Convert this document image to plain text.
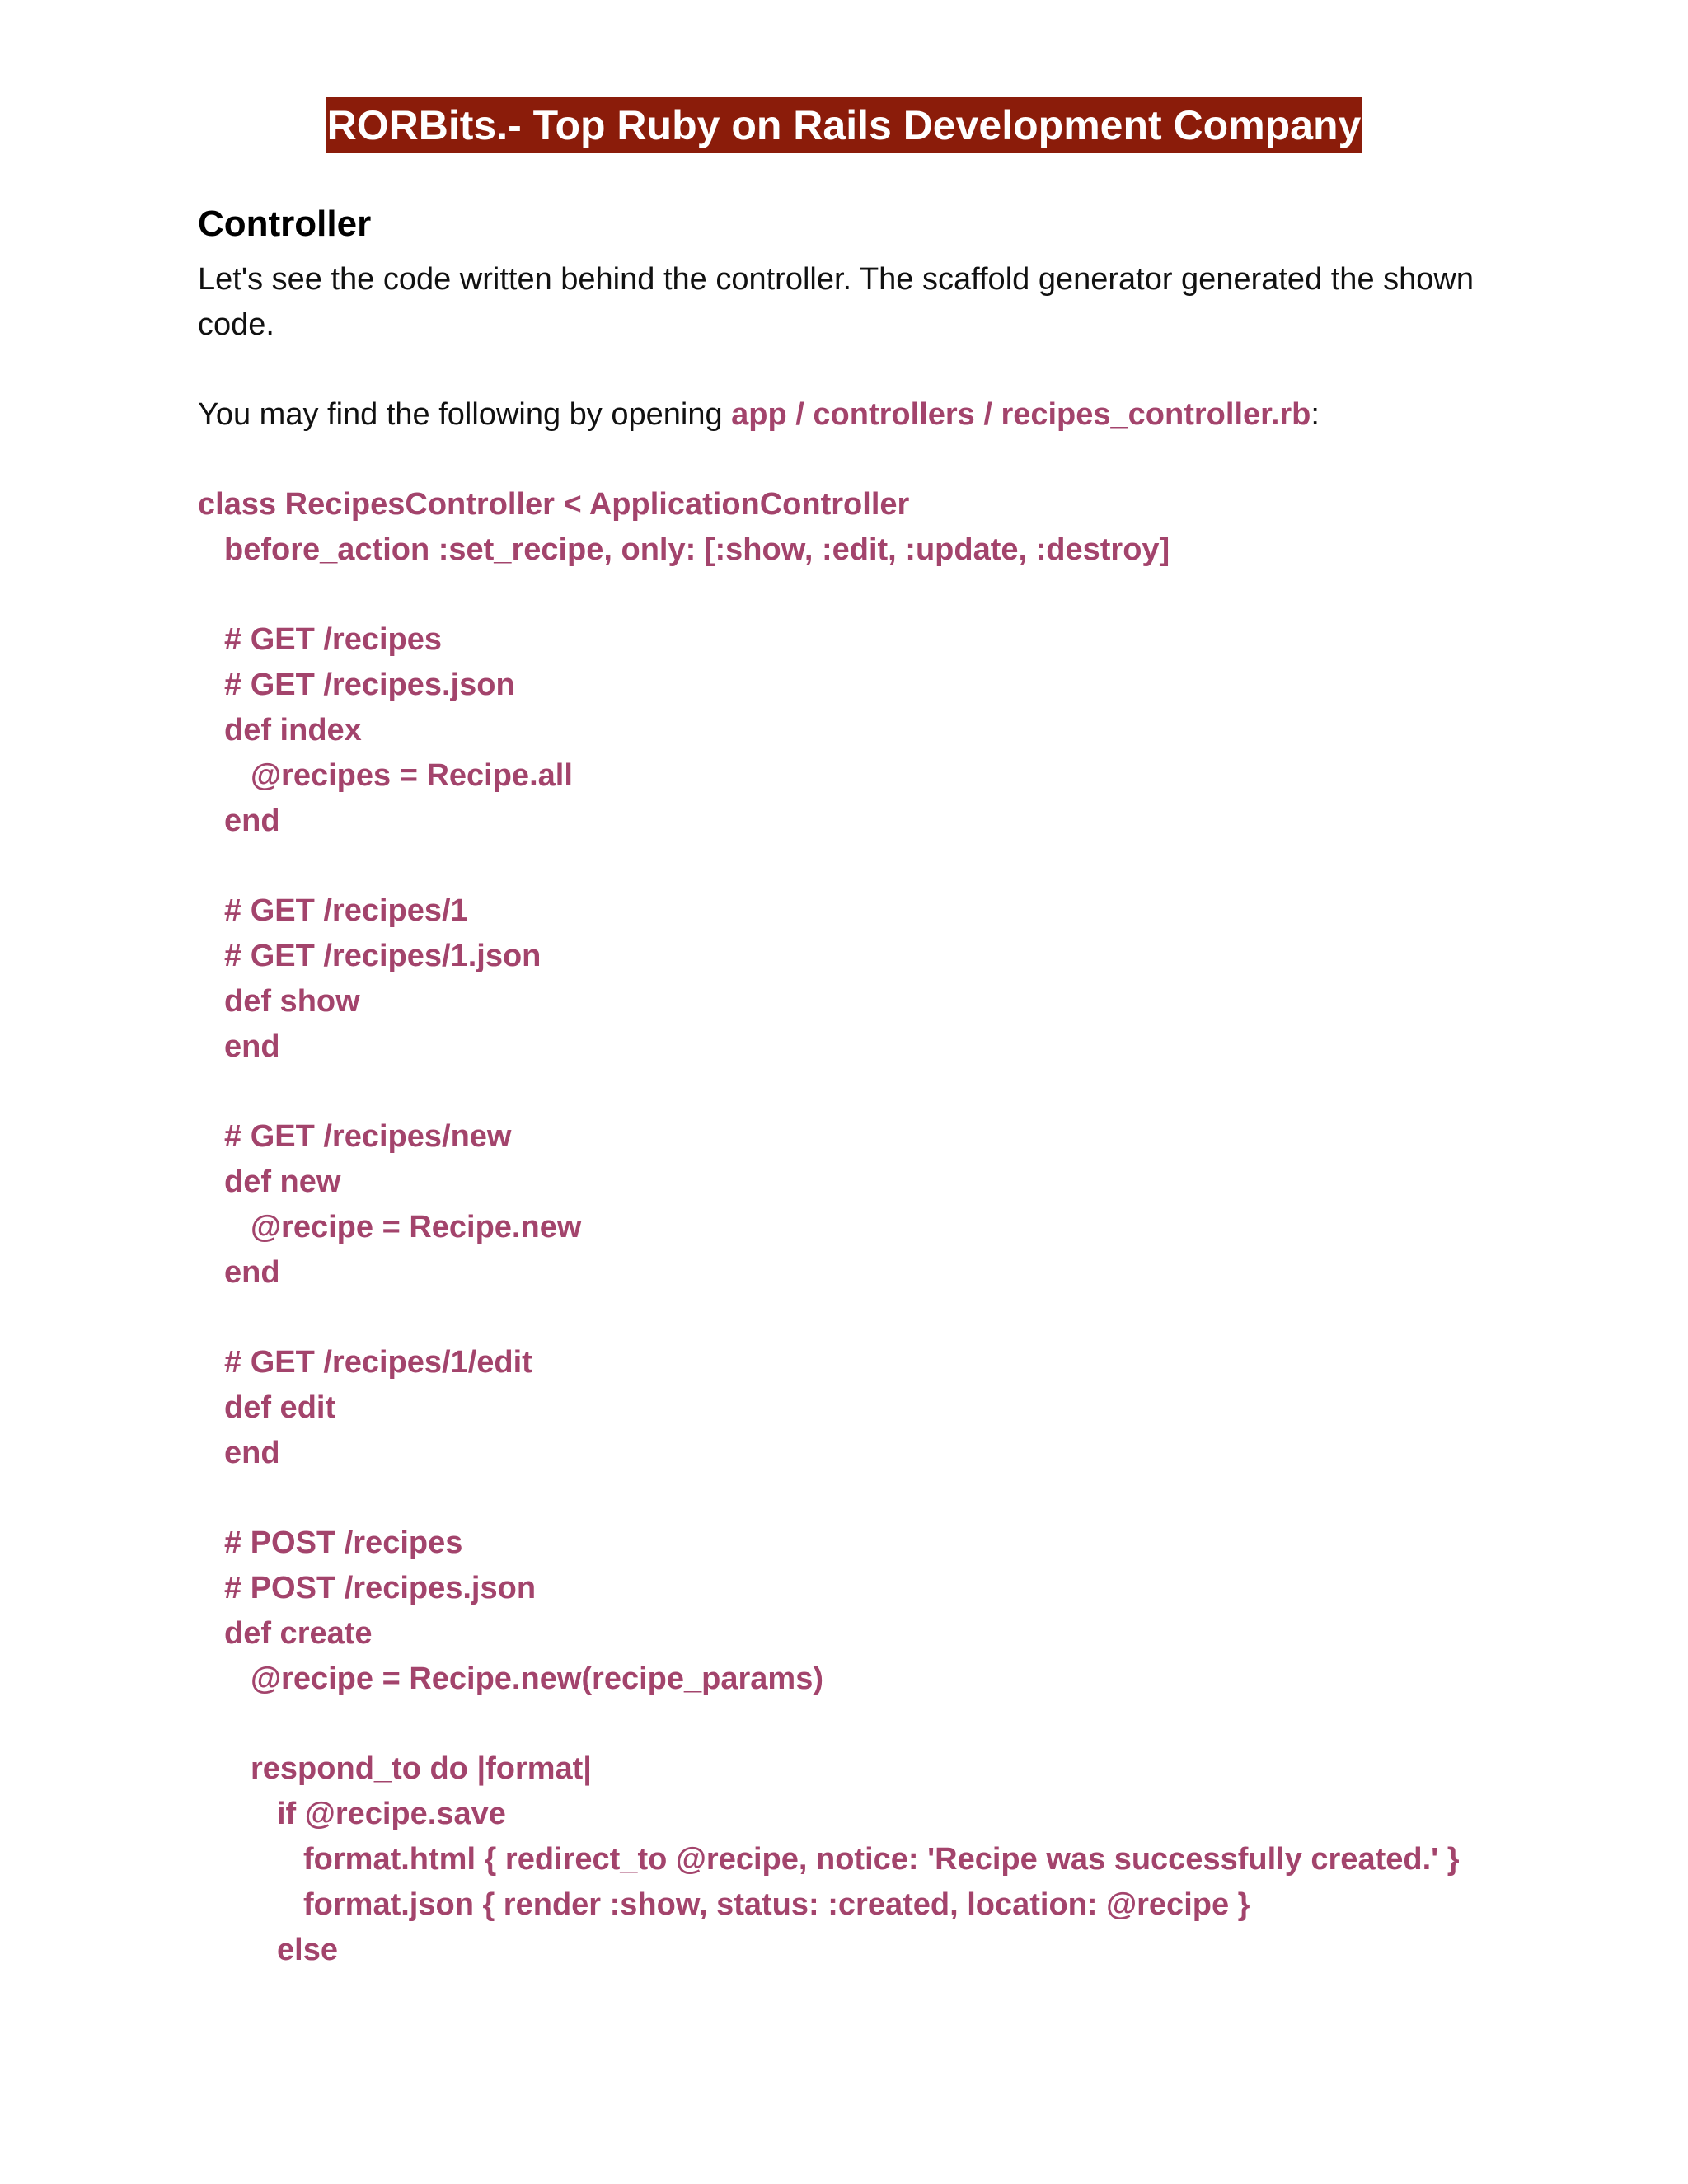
RORBits.- Top Ruby on Rails Development Company
Controller

Let's see the code written behind the controller. The scaffold generator generated the shown code.

You may find the following by opening app / controllers / recipes_controller.rb:

class RecipesController < ApplicationController
before_action :set_recipe, only: [:show, :edit, :update, :destroy]
# GET /recipes
# GET /recipes.json
def index
@recipes = Recipe.all
end
# GET /recipes/1
# GET /recipes/1.json
def show
end
# GET /recipes/new
def new
@recipe = Recipe.new
end
# GET /recipes/1/edit
def edit
end
# POST /recipes
# POST /recipes.json
def create
@recipe = Recipe.new(recipe_params)
respond_to do |format|
if @recipe.save
format.html { redirect_to @recipe, notice: 'Recipe was successfully created.' }
format.json { render :show, status: :created, location: @recipe }
else
